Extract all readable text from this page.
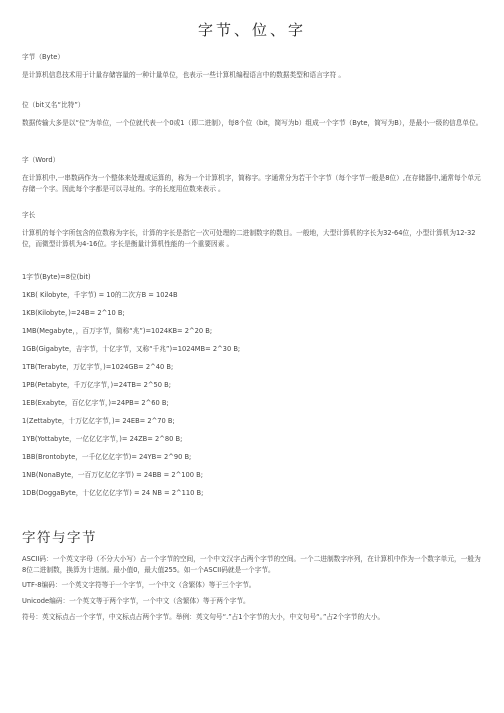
字节、位、字

字节（Byte）

是计算机信息技术用于计量存储容量的一种计量单位，也表示一些计算机编程语言中的数据类型和语言字符 。

位（bit又名“比特”）

数据传输大多是以“位”为单位，一个位就代表一个0或1（即二进制），每8个位（bit，简写为b）组成一个字节（Byte，简写为B），是最小一级的信息单位。

字（Word）

在计算机中,一串数码作为一个整体来处理或运算的，称为一个计算机字，简称字。字通常分为若干个字节（每个字节一般是8位）,在存储器中,通常每个单元存储一个字。因此每个字都是可以寻址的。字的长度用位数来表示 。

字长

计算机的每个字所包含的位数称为字长，计算的字长是指它一次可处理的二进制数字的数目。一般地，大型计算机的字长为32-64位，小型计算机为12-32位，而微型计算机为4-16位。字长是衡量计算机性能的一个重要因素 。

1字节(Byte)=8位(bit)

1KB( Kilobyte，千字节) = 10的二次方B = 1024B

1KB(Kilobyte，)=24B= 2^10 B;

1MB(Megabyte，，百万字节，简称“兆”)=1024KB= 2^20 B;

1GB(Gigabyte，吉字节，十亿字节，又称“千兆”)=1024MB= 2^30 B;

1TB(Terabyte，万亿字节，)=1024GB= 2^40 B;

1PB(Petabyte，千万亿字节，)=24TB= 2^50 B;

1EB(Exabyte，百亿亿字节，)=24PB= 2^60 B;

1(Zettabyte，十万亿亿字节，)= 24EB= 2^70 B;

1YB(Yottabyte，一亿亿亿字节，)= 24ZB= 2^80 B;

1BB(Brontobyte，一千亿亿亿字节)= 24YB= 2^90 B;

1NB(NonaByte，一百万亿亿亿字节) = 24BB = 2^100 B;

1DB(DoggaByte，十亿亿亿亿字节) = 24 NB = 2^110 B;

字符与字节

ASCII码：一个英文字母（不分大小写）占一个字节的空间，一个中文汉字占两个字节的空间。一个二进制数字序列，在计算机中作为一个数字单元，一般为8位二进制数，换算为十进制。最小值0，最大值255。如一个ASCII码就是一个字节。

UTF-8编码：一个英文字符等于一个字节，一个中文（含繁体）等于三个字节。

Unicode编码：一个英文等于两个字节，一个中文（含繁体）等于两个字节。

符号：英文标点占一个字节，中文标点占两个字节。举例：英文句号“.”占1个字节的大小，中文句号“。”占2个字节的大小。
